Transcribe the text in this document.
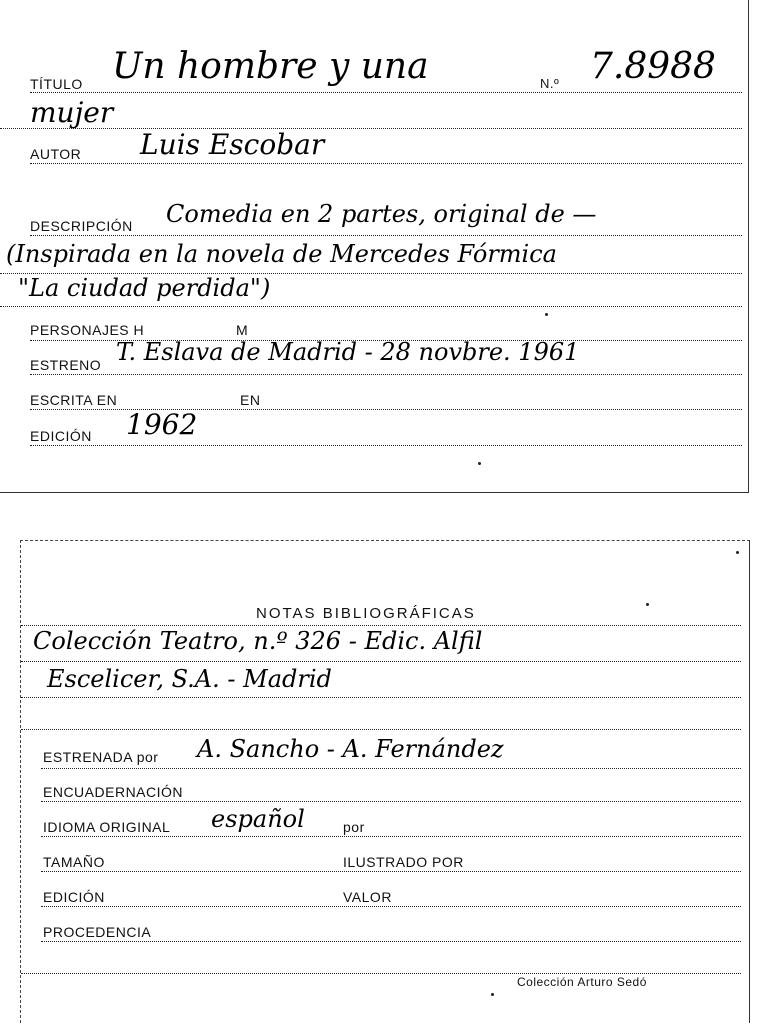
TÍTULO Un hombre y una	N.º 7.8988
mujer
AUTOR Luis Escobar
DESCRIPCIÓN Comedia en 2 partes, original de —
(Inspirada en la novela de Mercedes Fórmica
"La ciudad perdida")
PERSONAJES H	M
ESTRENO T. Eslava de Madrid - 28 novbre. 1961
ESCRITA EN	EN
EDICIÓN 1962
NOTAS BIBLIOGRÁFICAS
Colección Teatro, n.º 326 - Edic. Alfil
Escelicer, S.A. - Madrid
ESTRENADA por A. Sancho - A. Fernández
ENCUADERNACIÓN
IDIOMA ORIGINAL español	por
TAMAÑO	ILUSTRADO POR
EDICIÓN	VALOR
PROCEDENCIA
Colección Arturo Sedó
